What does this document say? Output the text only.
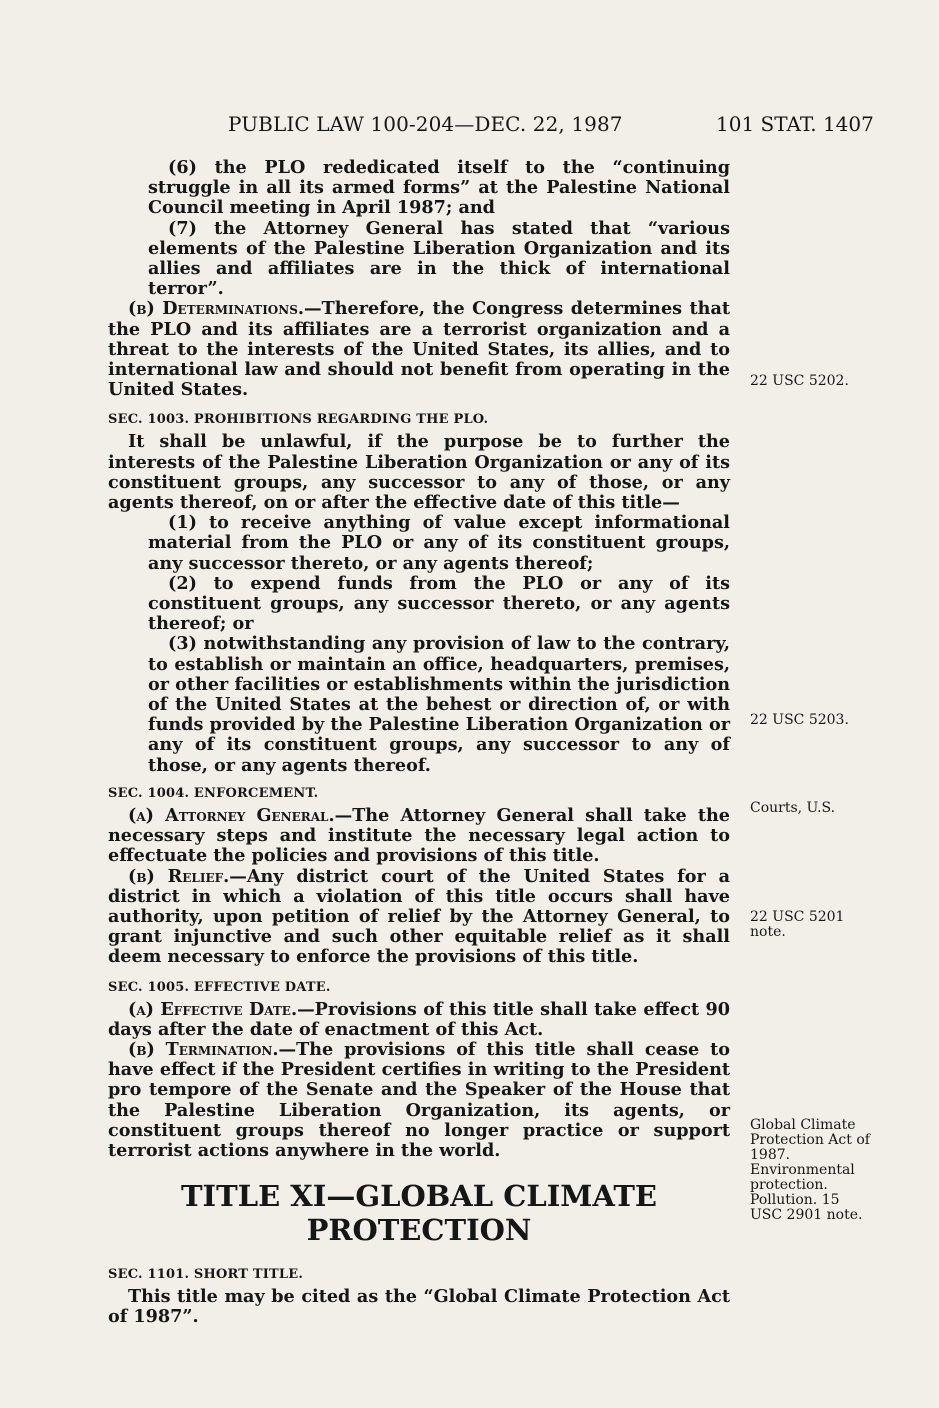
PUBLIC LAW 100-204—DEC. 22, 1987	101 STAT. 1407

(6) the PLO rededicated itself to the “continuing struggle in all its armed forms” at the Palestine National Council meeting in April 1987; and

(7) the Attorney General has stated that “various elements of the Palestine Liberation Organization and its allies and affiliates are in the thick of international terror”.

(b) Determinations.—Therefore, the Congress determines that the PLO and its affiliates are a terrorist organization and a threat to the interests of the United States, its allies, and to international law and should not benefit from operating in the United States.

SEC. 1003. PROHIBITIONS REGARDING THE PLO.

It shall be unlawful, if the purpose be to further the interests of the Palestine Liberation Organization or any of its constituent groups, any successor to any of those, or any agents thereof, on or after the effective date of this title—

(1) to receive anything of value except informational material from the PLO or any of its constituent groups, any successor thereto, or any agents thereof;

(2) to expend funds from the PLO or any of its constituent groups, any successor thereto, or any agents thereof; or

(3) notwithstanding any provision of law to the contrary, to establish or maintain an office, headquarters, premises, or other facilities or establishments within the jurisdiction of the United States at the behest or direction of, or with funds provided by the Palestine Liberation Organization or any of its constituent groups, any successor to any of those, or any agents thereof.

SEC. 1004. ENFORCEMENT.

(a) Attorney General.—The Attorney General shall take the necessary steps and institute the necessary legal action to effectuate the policies and provisions of this title.

(b) Relief.—Any district court of the United States for a district in which a violation of this title occurs shall have authority, upon petition of relief by the Attorney General, to grant injunctive and such other equitable relief as it shall deem necessary to enforce the provisions of this title.

SEC. 1005. EFFECTIVE DATE.

(a) Effective Date.—Provisions of this title shall take effect 90 days after the date of enactment of this Act.

(b) Termination.—The provisions of this title shall cease to have effect if the President certifies in writing to the President pro tempore of the Senate and the Speaker of the House that the Palestine Liberation Organization, its agents, or constituent groups thereof no longer practice or support terrorist actions anywhere in the world.

TITLE XI—GLOBAL CLIMATE
PROTECTION
SEC. 1101. SHORT TITLE.

This title may be cited as the “Global Climate Protection Act of 1987”.

22 USC 5202.
22 USC 5203.
Courts, U.S.
22 USC 5201 note.
Global Climate Protection Act of 1987. Environmental protection. Pollution. 15 USC 2901 note.
